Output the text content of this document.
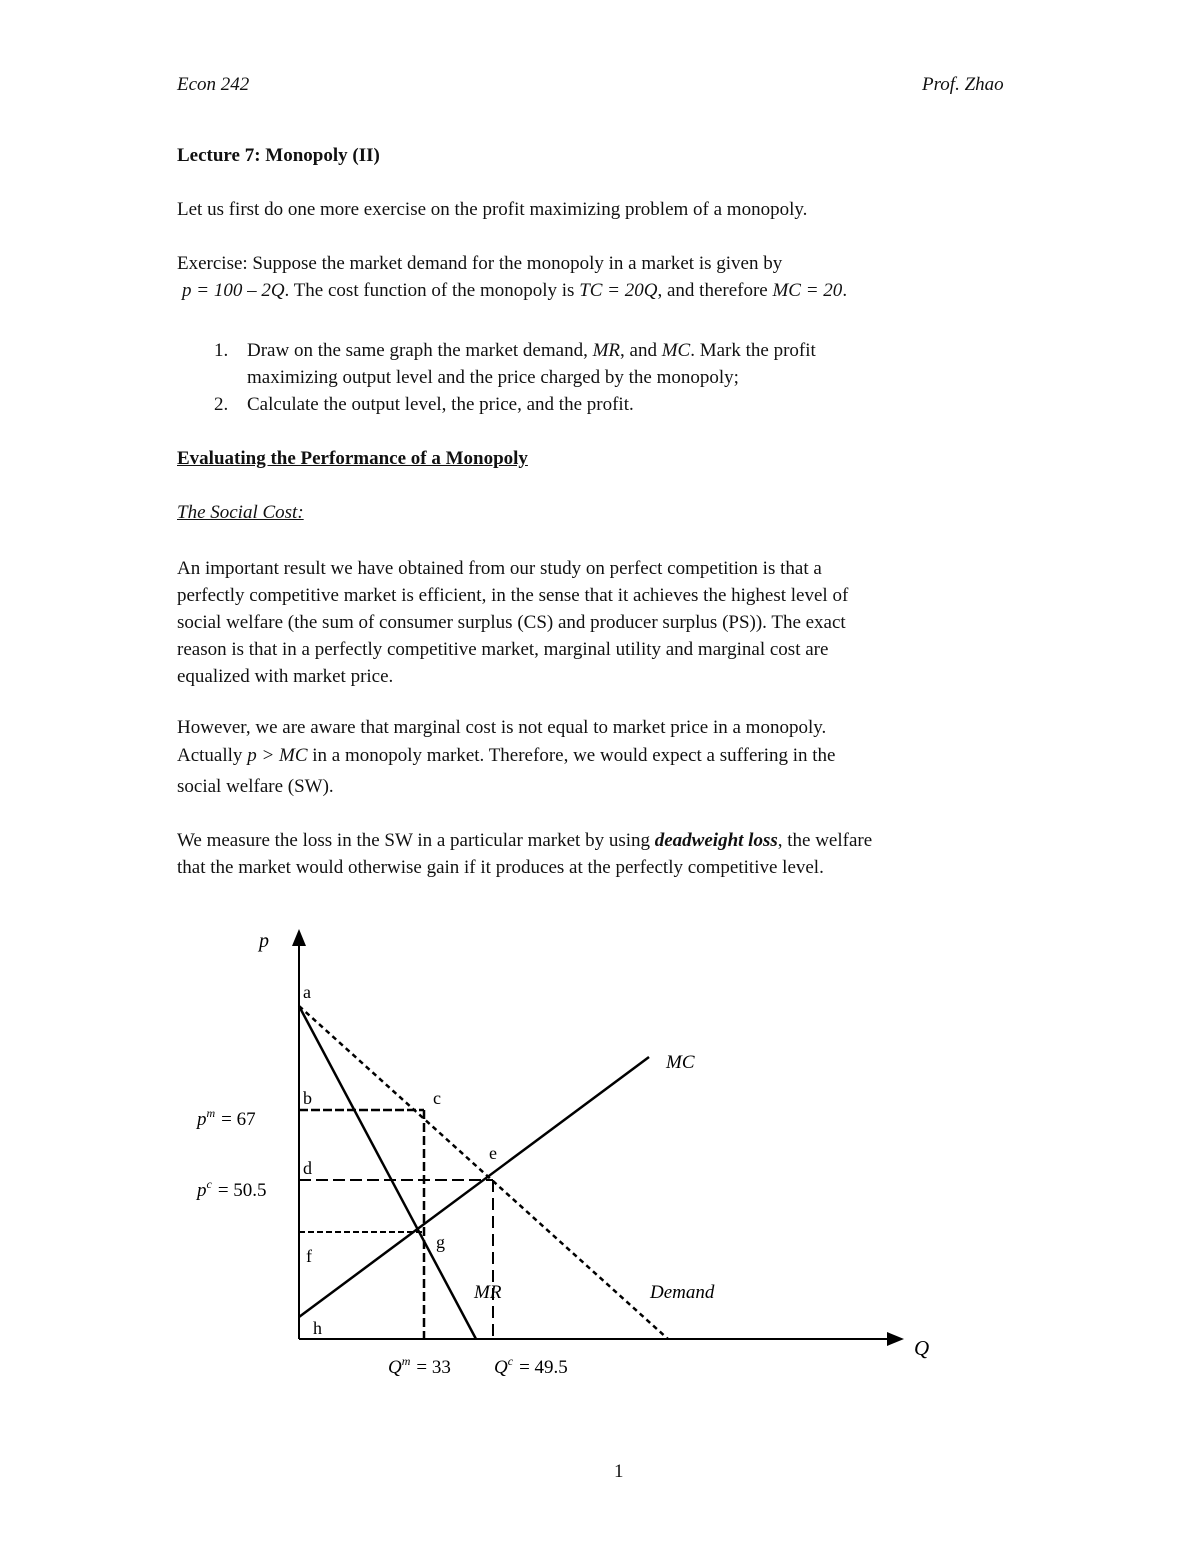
Econ 242	Prof. Zhao
Lecture 7: Monopoly (II)
Let us first do one more exercise on the profit maximizing problem of a monopoly.
Exercise: Suppose the market demand for the monopoly in a market is given by
p = 100 – 2Q. The cost function of the monopoly is TC = 20Q, and therefore MC = 20.
1. Draw on the same graph the market demand, MR, and MC. Mark the profit
maximizing output level and the price charged by the monopoly;
2. Calculate the output level, the price, and the profit.
Evaluating the Performance of a Monopoly
The Social Cost:

An important result we have obtained from our study on perfect competition is that a

perfectly competitive market is efficient, in the sense that it achieves the highest level of

social welfare (the sum of consumer surplus (CS) and producer surplus (PS)). The exact

reason is that in a perfectly competitive market, marginal utility and marginal cost are

equalized with market price.

However, we are aware that marginal cost is not equal to market price in a monopoly.
Actually p > MC in a monopoly market. Therefore, we would expect a suffering in the
social welfare (SW).
We measure the loss in the SW in a particular market by using deadweight loss, the welfare
that the market would otherwise gain if it produces at the perfectly competitive level.
p
Q
a
b	c
d
e
f
g
h
MC
MR	Demand
$p^m = 67$
$p^c = 50.5$
$Q^m = 33$ $Q^c = 49.5$
1
